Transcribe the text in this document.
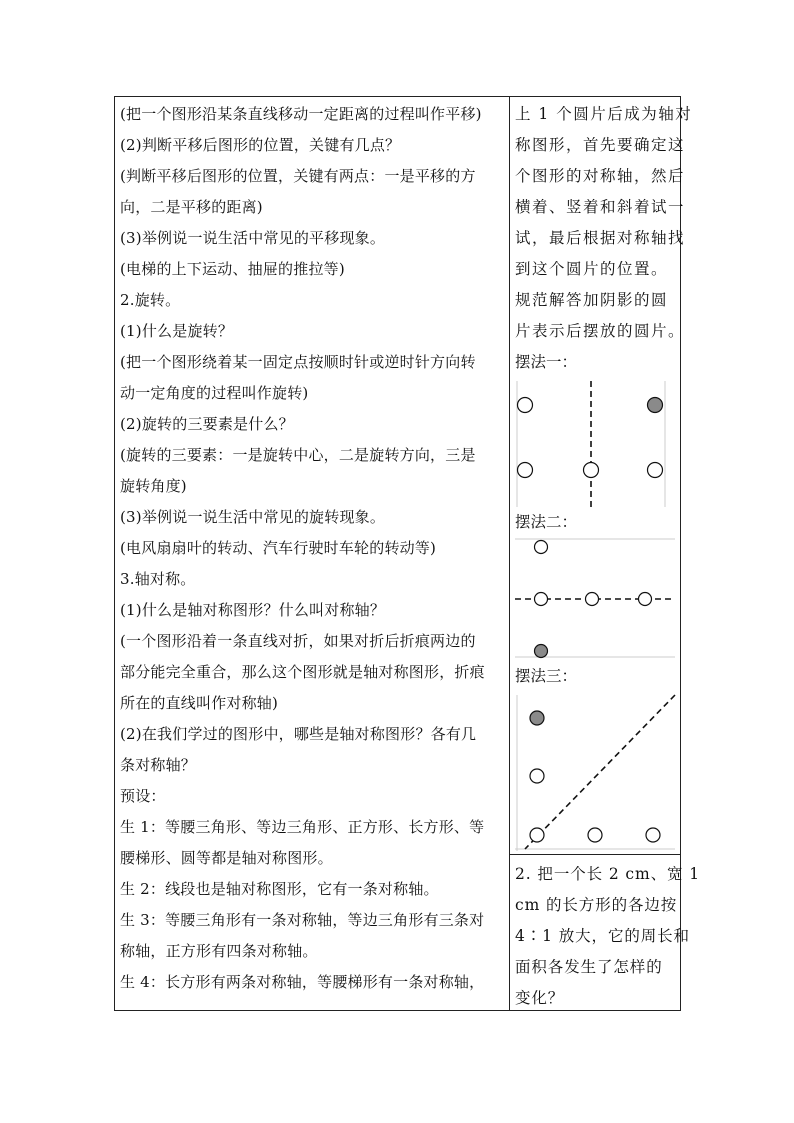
(把一个图形沿某条直线移动一定距离的过程叫作平移)
(2)判断平移后图形的位置，关键有几点？
(判断平移后图形的位置，关键有两点：一是平移的方
向，二是平移的距离)
(3)举例说一说生活中常见的平移现象。
(电梯的上下运动、抽屉的推拉等)
2.旋转。
(1)什么是旋转？
(把一个图形绕着某一固定点按顺时针或逆时针方向转
动一定角度的过程叫作旋转)
(2)旋转的三要素是什么？
(旋转的三要素：一是旋转中心，二是旋转方向，三是
旋转角度)
(3)举例说一说生活中常见的旋转现象。
(电风扇扇叶的转动、汽车行驶时车轮的转动等)
3.轴对称。
(1)什么是轴对称图形？什么叫对称轴？
(一个图形沿着一条直线对折，如果对折后折痕两边的
部分能完全重合，那么这个图形就是轴对称图形，折痕
所在的直线叫作对称轴)
(2)在我们学过的图形中，哪些是轴对称图形？各有几
条对称轴？
预设：
生 1：等腰三角形、等边三角形、正方形、长方形、等
腰梯形、圆等都是轴对称图形。
生 2：线段也是轴对称图形，它有一条对称轴。
生 3：等腰三角形有一条对称轴，等边三角形有三条对
称轴，正方形有四条对称轴。
生 4：长方形有两条对称轴，等腰梯形有一条对称轴，
上 1 个圆片后成为轴对
称图形，首先要确定这
个图形的对称轴，然后
横着、竖着和斜着试一
试，最后根据对称轴找
到这个圆片的位置。
规范解答加阴影的圆
片表示后摆放的圆片。
摆法一：
摆法二：
摆法三：
2. 把一个长 2 cm、宽 1
cm 的长方形的各边按
4∶1 放大，它的周长和
面积各发生了怎样的
变化？
